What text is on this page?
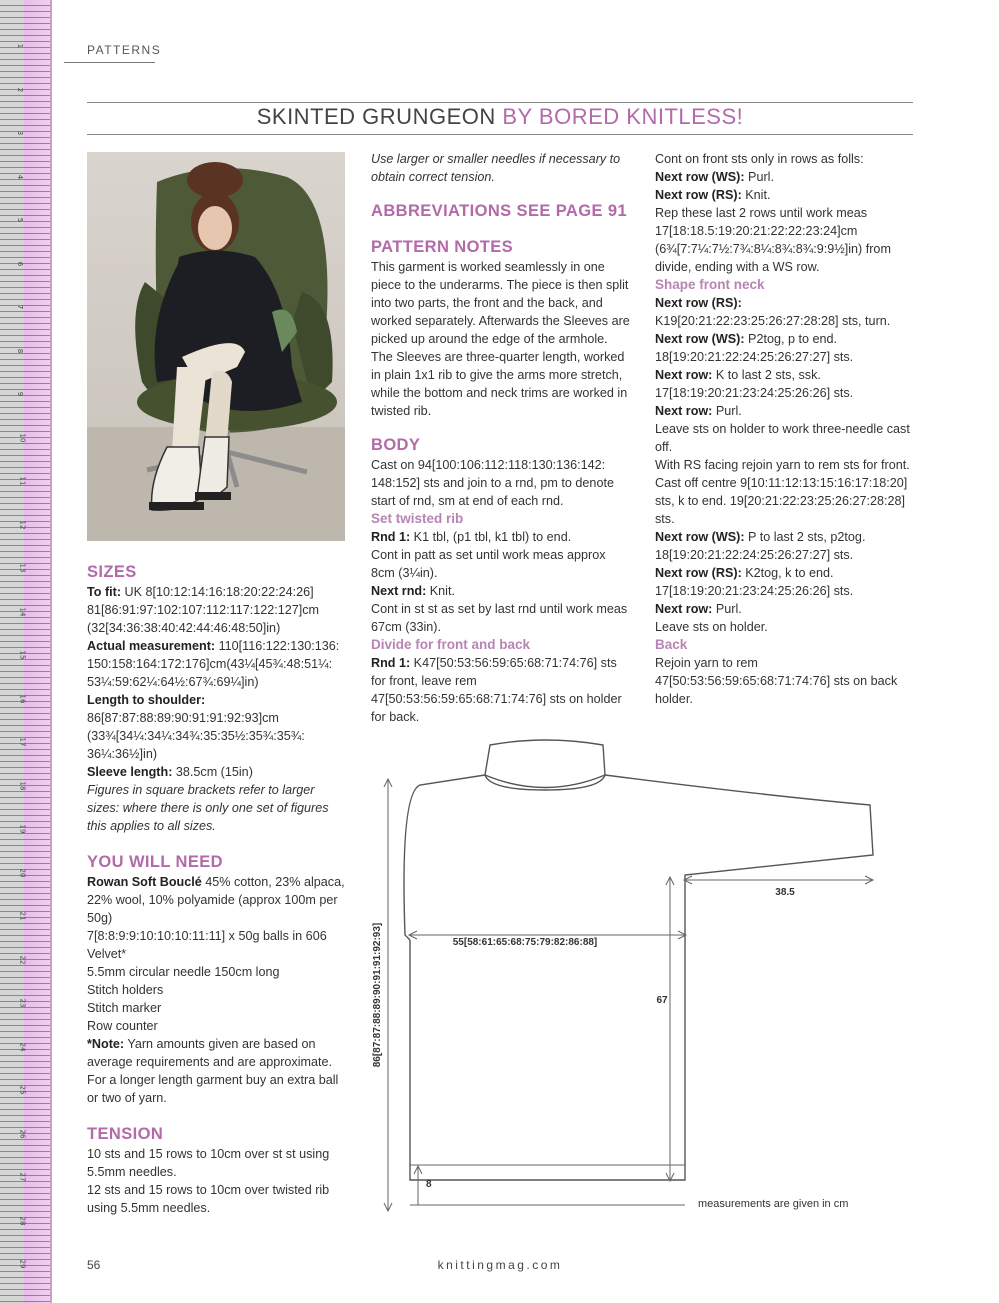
1
2
3
4
5
6
7
8
9
10
11
12
13
14
15
16
17
18
19
20
21
22
23
24
25
26
27
28
29
PATTERNS
SKINTED GRUNGEON BY BORED KNITLESS!
SIZES

To fit: UK 8[10:12:14:16:18:20:22:24:26] 81[86:91:97:102:107:112:117:122:127]cm (32[34:36:38:40:42:44:46:48:50]in)

Actual measurement: 110[116:122:130:136: 150:158:164:172:176]cm(43¼[45¾:48:51¼: 53¼:59:62¼:64½:67¾:69¼]in)

Length to shoulder: 86[87:87:88:89:90:91:91:92:93]cm (33¾[34¼:34¼:34¾:35:35½:35¾:35¾: 36¼:36½]in)

Sleeve length: 38.5cm (15in)

Figures in square brackets refer to larger sizes: where there is only one set of figures this applies to all sizes.

YOU WILL NEED

Rowan Soft Bouclé 45% cotton, 23% alpaca, 22% wool, 10% polyamide (approx 100m per 50g)

7[8:8:9:9:10:10:10:11:11] x 50g balls in 606 Velvet*

5.5mm circular needle 150cm long

Stitch holders

Stitch marker

Row counter

*Note: Yarn amounts given are based on average requirements and are approximate. For a longer length garment buy an extra ball or two of yarn.

TENSION

10 sts and 15 rows to 10cm over st st using 5.5mm needles.

12 sts and 15 rows to 10cm over twisted rib using 5.5mm needles.

Use larger or smaller needles if necessary to obtain correct tension.

ABBREVIATIONS SEE PAGE 91
PATTERN NOTES

This garment is worked seamlessly in one piece to the underarms. The piece is then split into two parts, the front and the back, and worked separately. Afterwards the Sleeves are picked up around the edge of the armhole. The Sleeves are three-quarter length, worked in plain 1x1 rib to give the arms more stretch, while the bottom and neck trims are worked in twisted rib.

BODY

Cast on 94[100:106:112:118:130:136:142: 148:152] sts and join to a rnd, pm to denote start of rnd, sm at end of each rnd.

Set twisted rib

Rnd 1: K1 tbl, (p1 tbl, k1 tbl) to end.

Cont in patt as set until work meas approx 8cm (3¼in).

Next rnd: Knit.

Cont in st st as set by last rnd until work meas 67cm (33in).

Divide for front and back

Rnd 1: K47[50:53:56:59:65:68:71:74:76] sts for front, leave rem 47[50:53:56:59:65:68:71:74:76] sts on holder for back.

Cont on front sts only in rows as folls:

Next row (WS): Purl.

Next row (RS): Knit.

Rep these last 2 rows until work meas 17[18:18.5:19:20:21:22:22:23:24]cm (6¾[7:7¼:7½:7¾:8¼:8¾:8¾:9:9½]in) from divide, ending with a WS row.

Shape front neck

Next row (RS): K19[20:21:22:23:25:26:27:28:28] sts, turn.

Next row (WS): P2tog, p to end. 18[19:20:21:22:24:25:26:27:27] sts.

Next row: K to last 2 sts, ssk. 17[18:19:20:21:23:24:25:26:26] sts.

Next row: Purl.

Leave sts on holder to work three-needle cast off.

With RS facing rejoin yarn to rem sts for front.

Cast off centre 9[10:11:12:13:15:16:17:18:20] sts, k to end. 19[20:21:22:23:25:26:27:28:28] sts.

Next row (WS): P to last 2 sts, p2tog. 18[19:20:21:22:24:25:26:27:27] sts.

Next row (RS): K2tog, k to end. 17[18:19:20:21:23:24:25:26:26] sts.

Next row: Purl.

Leave sts on holder.

Back

Rejoin yarn to rem 47[50:53:56:59:65:68:71:74:76] sts on back holder.

86[87:87:88:89:90:91:91:92:93]	55[58:61:65:68:75:79:82:86:88]
38.5
67
8
measurements are given in cm
56	knittingmag.com
